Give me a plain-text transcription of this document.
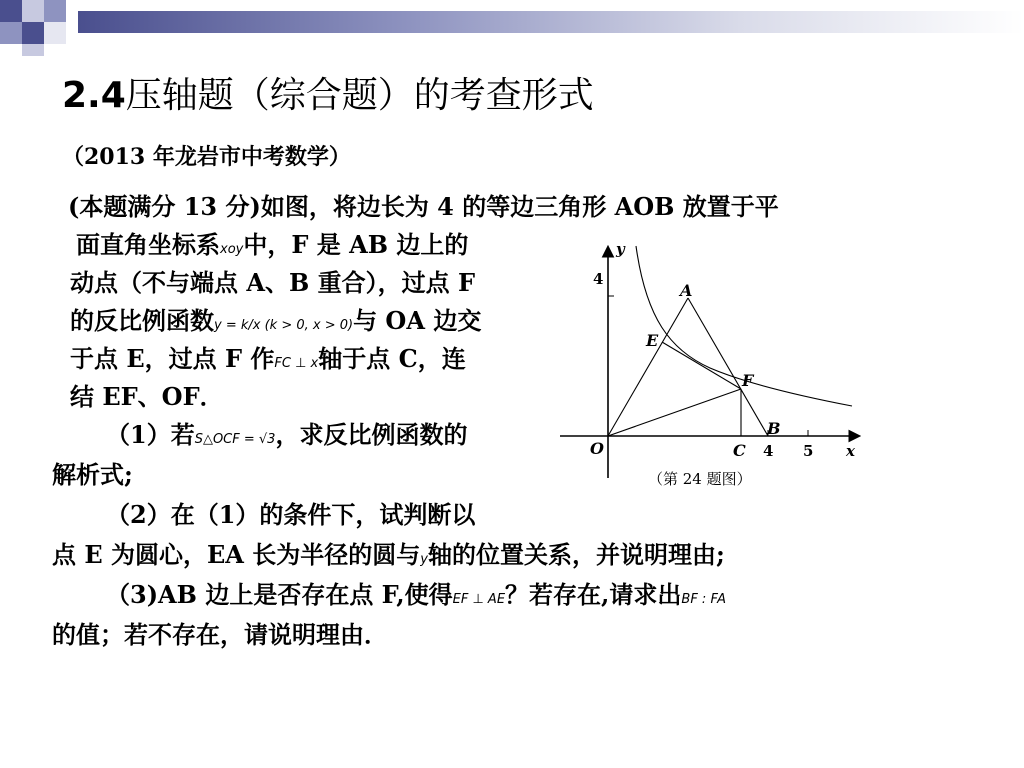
2.4压轴题（综合题）的考查形式
（2013 年龙岩市中考数学）
(本题满分 13 分)如图，将边长为 4 的等边三角形 AOB 放置于平
面直角坐标系xoy中，F 是 AB 边上的
动点（不与端点 A、B 重合），过点 F
的反比例函数y = k/x (k > 0, x > 0)与 OA 边交
于点 E，过点 F 作FC ⊥ x轴于点 C，连
结 EF、OF．
（1）若S△OCF = √3，求反比例函数的
解析式;
（2）在（1）的条件下，试判断以
点 E 为圆心，EA 长为半径的圆与y轴的位置关系，并说明理由;
（3)AB 边上是否存在点 F,使得EF ⊥ AE？若存在,请求出BF : FA
的值；若不存在，请说明理由．
y
x
O
4
A
E
F
C
B
4 5
（第 24 题图）
